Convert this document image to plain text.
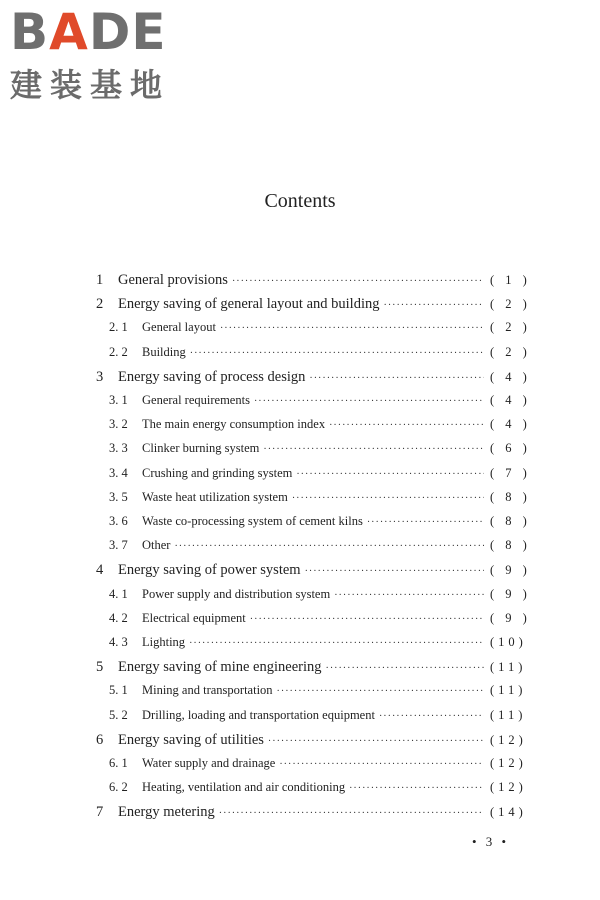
BADE
建装基地
Contents
1	General provisions ·····	( 1 )
2	Energy saving of general layout and building ·····	( 2 )
2. 1	General layout ·····	( 2 )
2. 2	Building ·····	( 2 )
3	Energy saving of process design ·····	( 4 )
3. 1	General requirements ·····	( 4 )
3. 2	The main energy consumption index ·····	( 4 )
3. 3	Clinker burning system ·····	( 6 )
3. 4	Crushing and grinding system ·····	( 7 )
3. 5	Waste heat utilization system ·····	( 8 )
3. 6	Waste co-processing system of cement kilns ·····	( 8 )
3. 7	Other ·····	( 8 )
4	Energy saving of power system ·····	( 9 )
4. 1	Power supply and distribution system ·····	( 9 )
4. 2	Electrical equipment ·····	( 9 )
4. 3	Lighting ·····	(10)
5	Energy saving of mine engineering ·····	(11)
5. 1	Mining and transportation ·····	(11)
5. 2	Drilling, loading and transportation equipment ·····	(11)
6	Energy saving of utilities ·····	(12)
6. 1	Water supply and drainage ·····	(12)
6. 2	Heating, ventilation and air conditioning ·····	(12)
7	Energy metering ·····	(14)
• 3 •
